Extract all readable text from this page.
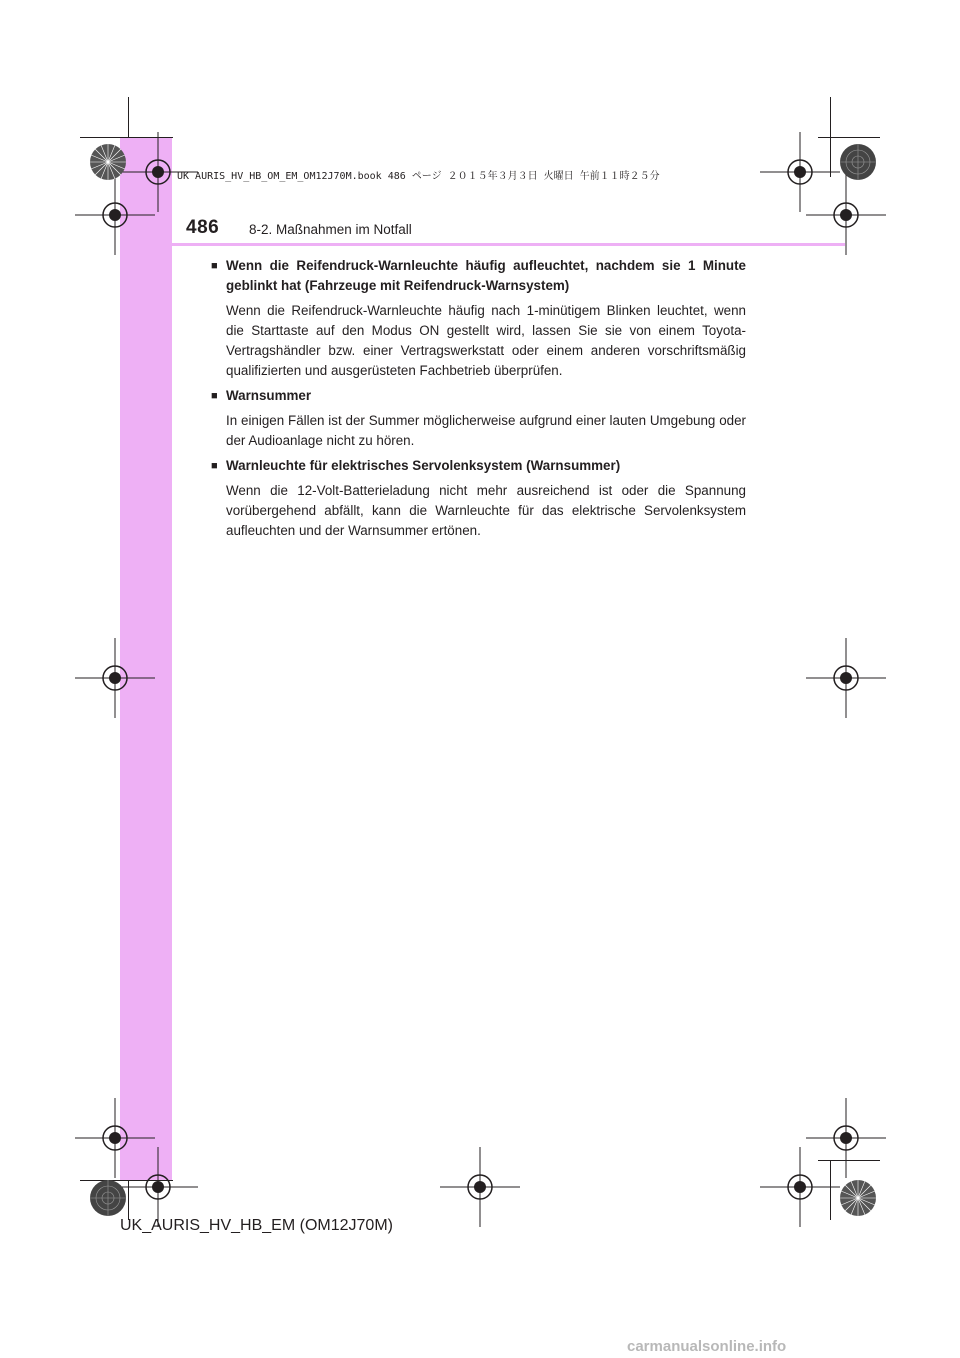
UK AURIS_HV_HB_OM_EM_OM12J70M.book 486 ページ ２０１５年３月３日 火曜日 午前１１時２５分
486 8-2. Maßnahmen im Notfall
■ Wenn die Reifendruck-Warnleuchte häufig aufleuchtet, nachdem sie 1 Minute geblinkt hat (Fahrzeuge mit Reifendruck-Warnsystem)
Wenn die Reifendruck-Warnleuchte häufig nach 1-minütigem Blinken leuchtet, wenn die Starttaste auf den Modus ON gestellt wird, lassen Sie sie von einem Toyota-Vertragshändler bzw. einer Vertragswerkstatt oder einem anderen vorschriftsmäßig qualifizierten und ausgerüsteten Fachbetrieb überprüfen.
■ Warnsummer
In einigen Fällen ist der Summer möglicherweise aufgrund einer lauten Umgebung oder der Audioanlage nicht zu hören.
■ Warnleuchte für elektrisches Servolenksystem (Warnsummer)
Wenn die 12-Volt-Batterieladung nicht mehr ausreichend ist oder die Spannung vorübergehend abfällt, kann die Warnleuchte für das elektrische Servolenksystem aufleuchten und der Warnsummer ertönen.
UK_AURIS_HV_HB_EM (OM12J70M)
carmanualsonline.info
